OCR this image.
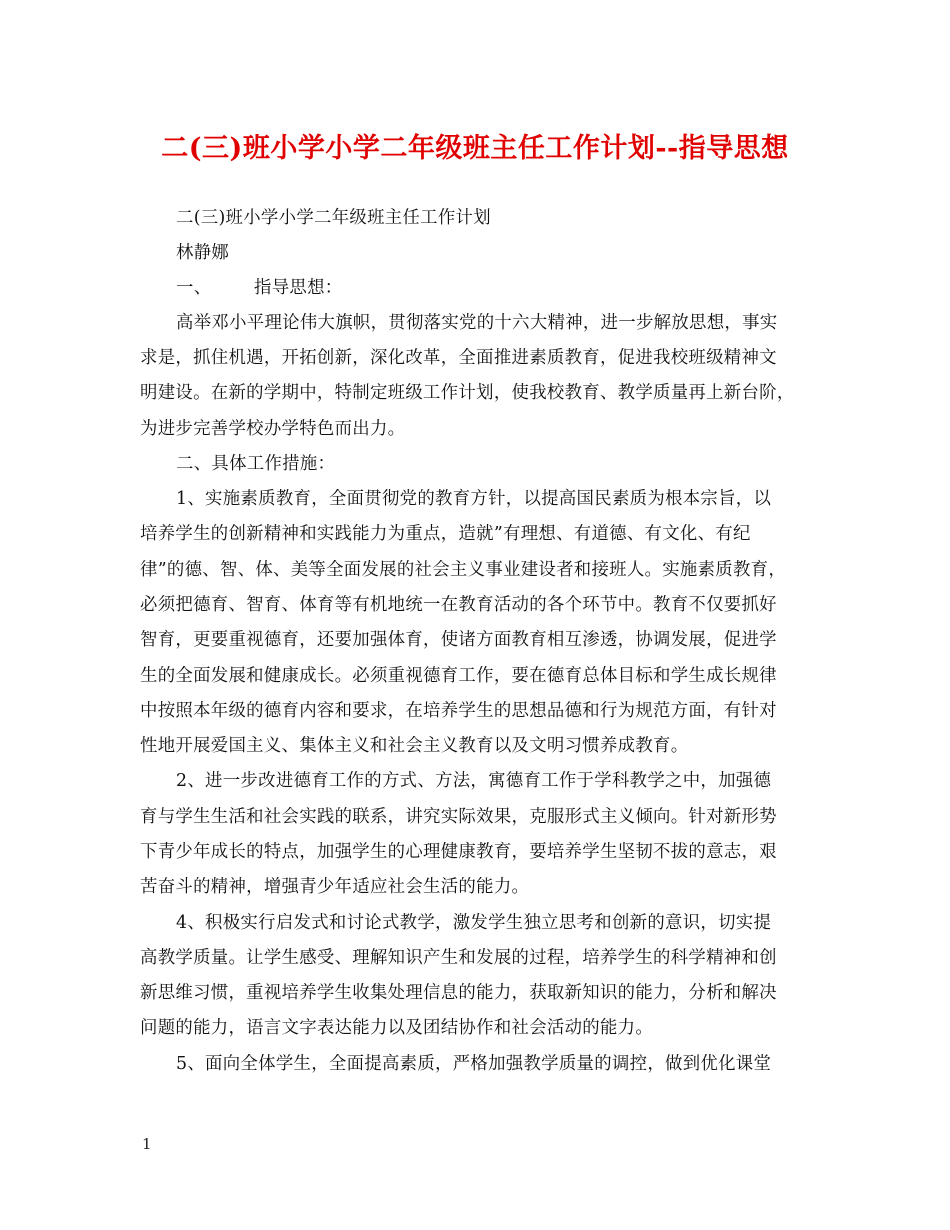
二(三)班小学小学二年级班主任工作计划--指导思想
二(三)班小学小学二年级班主任工作计划
林静娜
一、 指导思想：
高举邓小平理论伟大旗帜，贯彻落实党的十六大精神，进一步解放思想，事实
求是，抓住机遇，开拓创新，深化改革，全面推进素质教育，促进我校班级精神文
明建设。在新的学期中，特制定班级工作计划，使我校教育、教学质量再上新台阶，
为进步完善学校办学特色而出力。
二、具体工作措施：
1、实施素质教育，全面贯彻党的教育方针，以提高国民素质为根本宗旨，以
培养学生的创新精神和实践能力为重点，造就”有理想、有道德、有文化、有纪
律”的德、智、体、美等全面发展的社会主义事业建设者和接班人。实施素质教育，
必须把德育、智育、体育等有机地统一在教育活动的各个环节中。教育不仅要抓好
智育，更要重视德育，还要加强体育，使诸方面教育相互渗透，协调发展，促进学
生的全面发展和健康成长。必须重视德育工作，要在德育总体目标和学生成长规律
中按照本年级的德育内容和要求，在培养学生的思想品德和行为规范方面，有针对
性地开展爱国主义、集体主义和社会主义教育以及文明习惯养成教育。
2、进一步改进德育工作的方式、方法，寓德育工作于学科教学之中，加强德
育与学生生活和社会实践的联系，讲究实际效果，克服形式主义倾向。针对新形势
下青少年成长的特点，加强学生的心理健康教育，要培养学生坚韧不拔的意志，艰
苦奋斗的精神，增强青少年适应社会生活的能力。
4、积极实行启发式和讨论式教学，激发学生独立思考和创新的意识，切实提
高教学质量。让学生感受、理解知识产生和发展的过程，培养学生的科学精神和创
新思维习惯，重视培养学生收集处理信息的能力，获取新知识的能力，分析和解决
问题的能力，语言文字表达能力以及团结协作和社会活动的能力。
5、面向全体学生，全面提高素质，严格加强教学质量的调控，做到优化课堂
1
